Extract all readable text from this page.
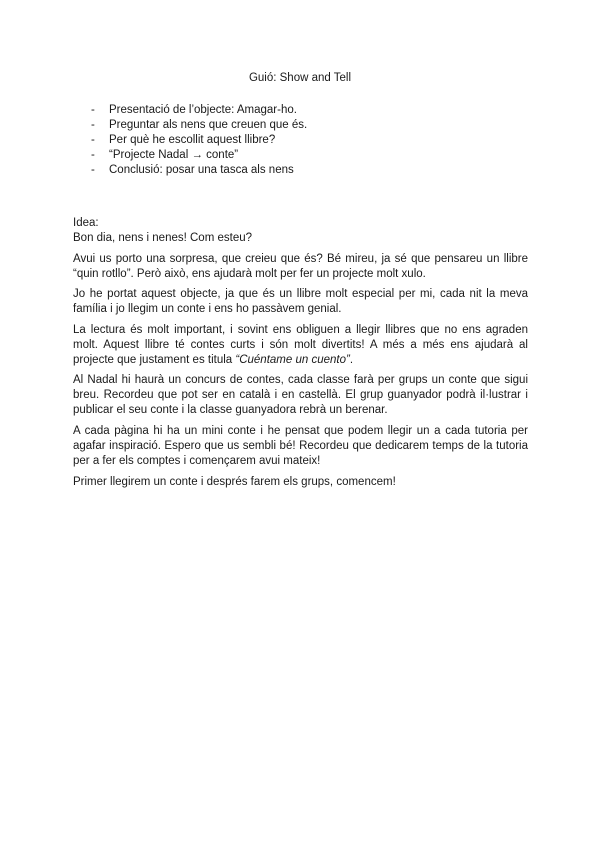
Guió: Show and Tell
- Presentació de l’objecte: Amagar-ho.
- Preguntar als nens que creuen que és.
- Per què he escollit aquest llibre?
- “Projecte Nadal → conte”
- Conclusió: posar una tasca als nens

Idea:

Bon dia, nens i nenes! Com esteu?

Avui us porto una sorpresa, que creieu que és? Bé mireu, ja sé que pensareu un llibre “quin rotllo”. Però això, ens ajudarà molt per fer un projecte molt xulo.

Jo he portat aquest objecte, ja que és un llibre molt especial per mi, cada nit la meva família i jo llegim un conte i ens ho passàvem genial.

La lectura és molt important, i sovint ens obliguen a llegir llibres que no ens agraden molt. Aquest llibre té contes curts i són molt divertits! A més a més ens ajudarà al projecte que justament es titula “Cuéntame un cuento”.

Al Nadal hi haurà un concurs de contes, cada classe farà per grups un conte que sigui breu. Recordeu que pot ser en català i en castellà. El grup guanyador podrà il·lustrar i publicar el seu conte i la classe guanyadora rebrà un berenar.

A cada pàgina hi ha un mini conte i he pensat que podem llegir un a cada tutoria per agafar inspiració. Espero que us sembli bé! Recordeu que dedicarem temps de la tutoria per a fer els comptes i començarem avui mateix!

Primer llegirem un conte i després farem els grups, comencem!
